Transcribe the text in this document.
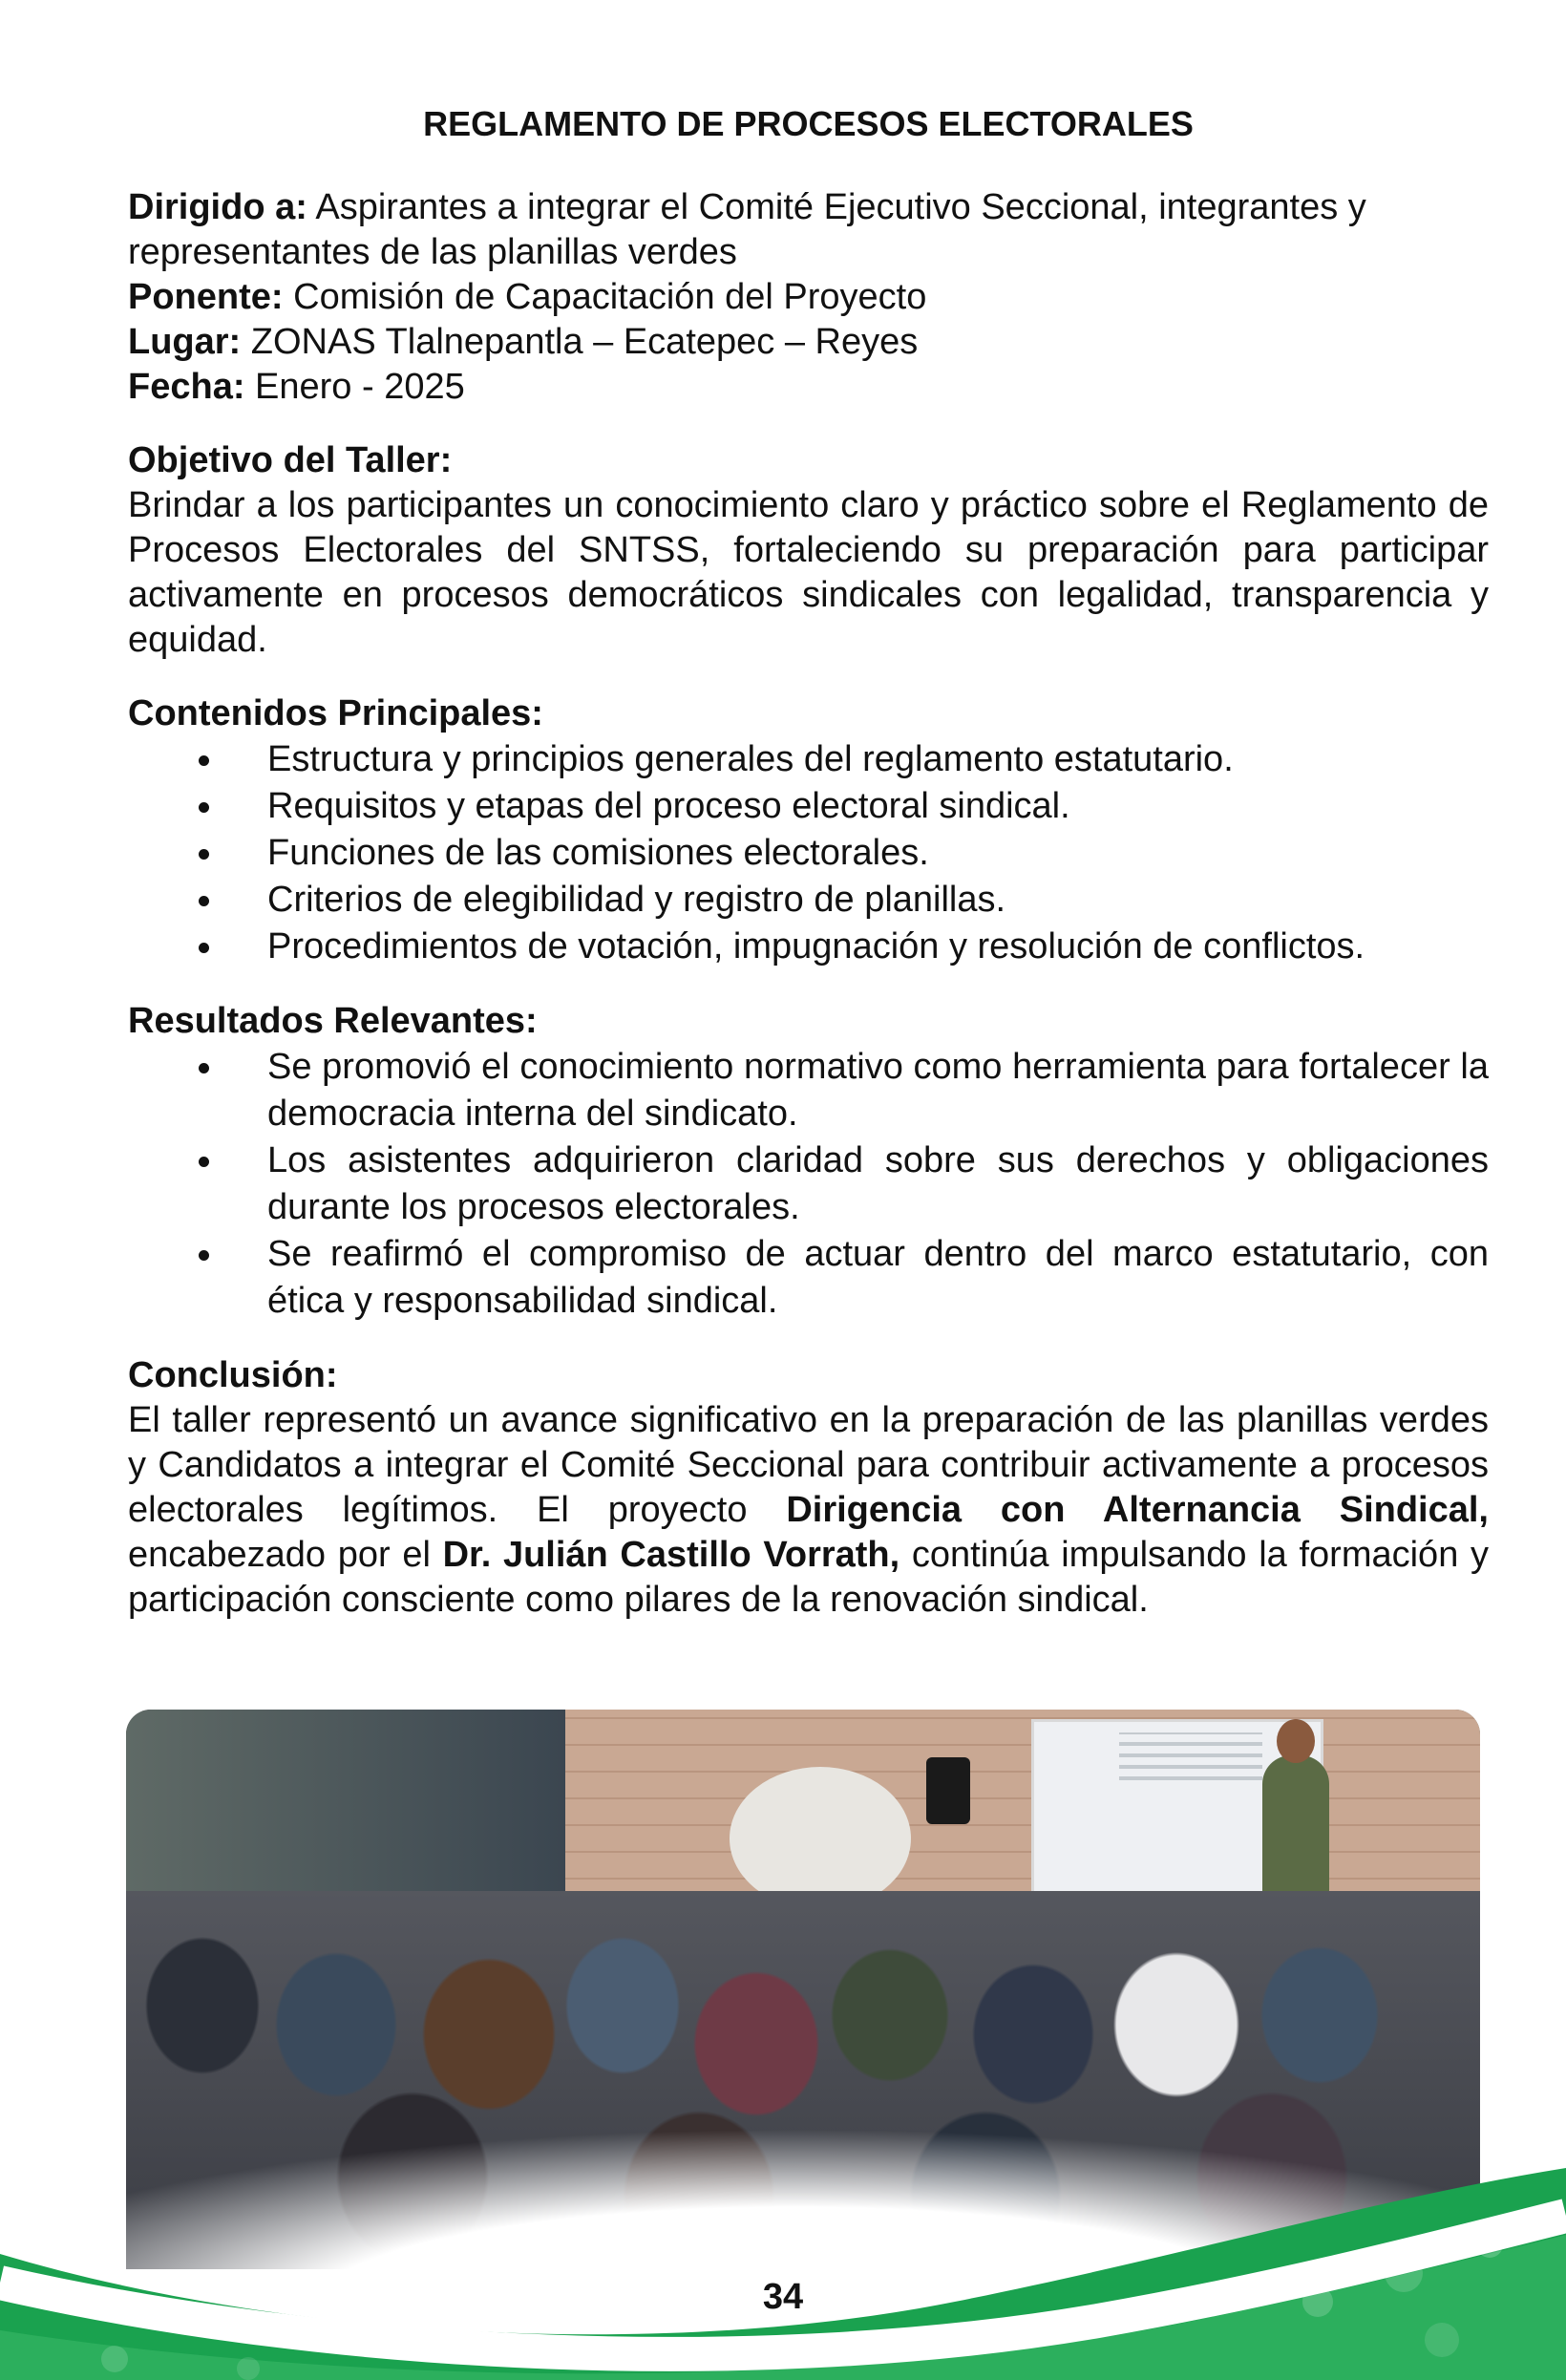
REGLAMENTO DE PROCESOS ELECTORALES

Dirigido a: Aspirantes a integrar el Comité Ejecutivo Seccional, integrantes y representantes de las planillas verdes

Ponente: Comisión de Capacitación del Proyecto

Lugar: ZONAS Tlalnepantla – Ecatepec – Reyes

Fecha: Enero - 2025

Objetivo del Taller:

Brindar a los participantes un conocimiento claro y práctico sobre el Reglamento de Procesos Electorales del SNTSS, fortaleciendo su preparación para participar activamente en procesos democráticos sindicales con legalidad, transparencia y equidad.

Contenidos Principales:

Estructura y principios generales del reglamento estatutario.
Requisitos y etapas del proceso electoral sindical.
Funciones de las comisiones electorales.
Criterios de elegibilidad y registro de planillas.
Procedimientos de votación, impugnación y resolución de conflictos.

Resultados Relevantes:

Se promovió el conocimiento normativo como herramienta para fortalecer la democracia interna del sindicato.
Los asistentes adquirieron claridad sobre sus derechos y obligaciones durante los procesos electorales.
Se reafirmó el compromiso de actuar dentro del marco estatutario, con ética y responsabilidad sindical.

Conclusión:

El taller representó un avance significativo en la preparación de las planillas verdes y Candidatos a integrar el Comité Seccional para contribuir activamente a procesos electorales legítimos. El proyecto Dirigencia con Alternancia Sindical, encabezado por el Dr. Julián Castillo Vorrath, continúa impulsando la formación y participación consciente como pilares de la renovación sindical.

34
